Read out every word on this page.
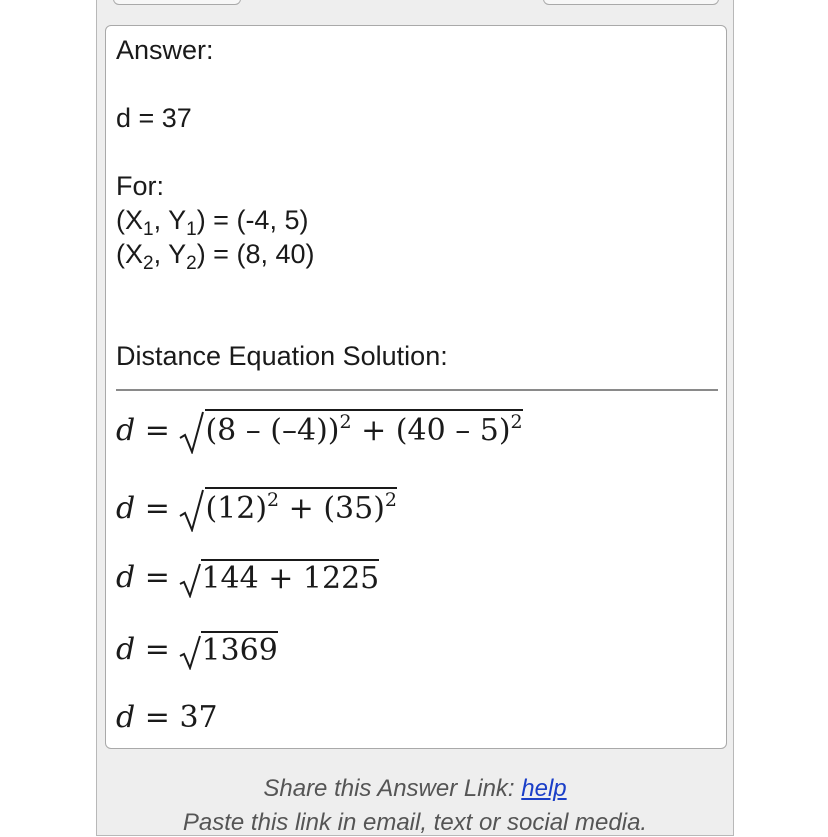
Answer:
d = 37
For:
($X_1$, $Y_1) = (-4$, 5)
($X_2$, $Y_2) = (8$, 40)
Distance Equation Solution:
d = (8 – (–4))$^2$ + (40 – 5)$^2$
$d = (12)^2 + (35)^2$
d = 144 + 1225
d = 1369
d = 37
Share this Answer Link: help
Paste this link in email, text or social media.
